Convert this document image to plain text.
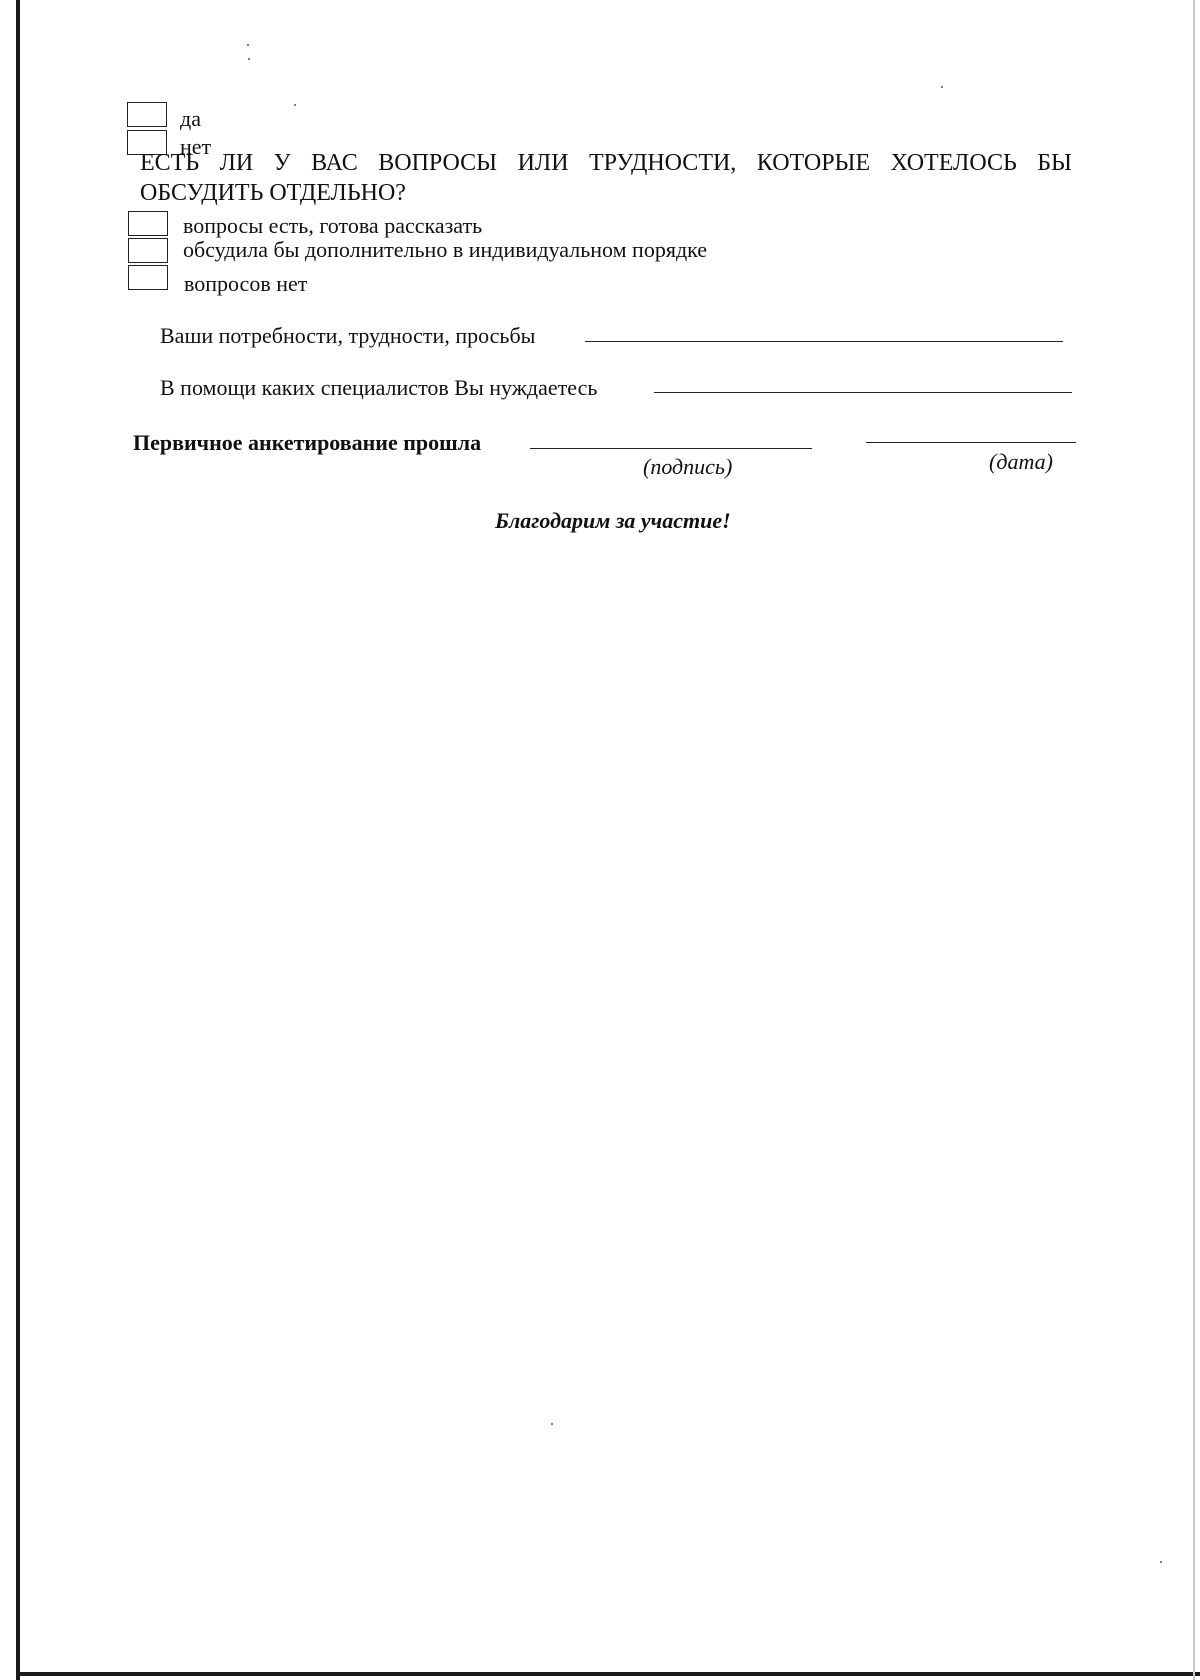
да
нет
ЕСТЬ ЛИ У ВАС ВОПРОСЫ ИЛИ ТРУДНОСТИ, КОТОРЫЕ ХОТЕЛОСЬ БЫ
ОБСУДИТЬ ОТДЕЛЬНО?
вопросы есть, готова рассказать
обсудила бы дополнительно в индивидуальном порядке
вопросов нет
Ваши потребности, трудности, просьбы
В помощи каких специалистов Вы нуждаетесь
Первичное анкетирование прошла
(подпись)	(дата)
Благодарим за участие!
